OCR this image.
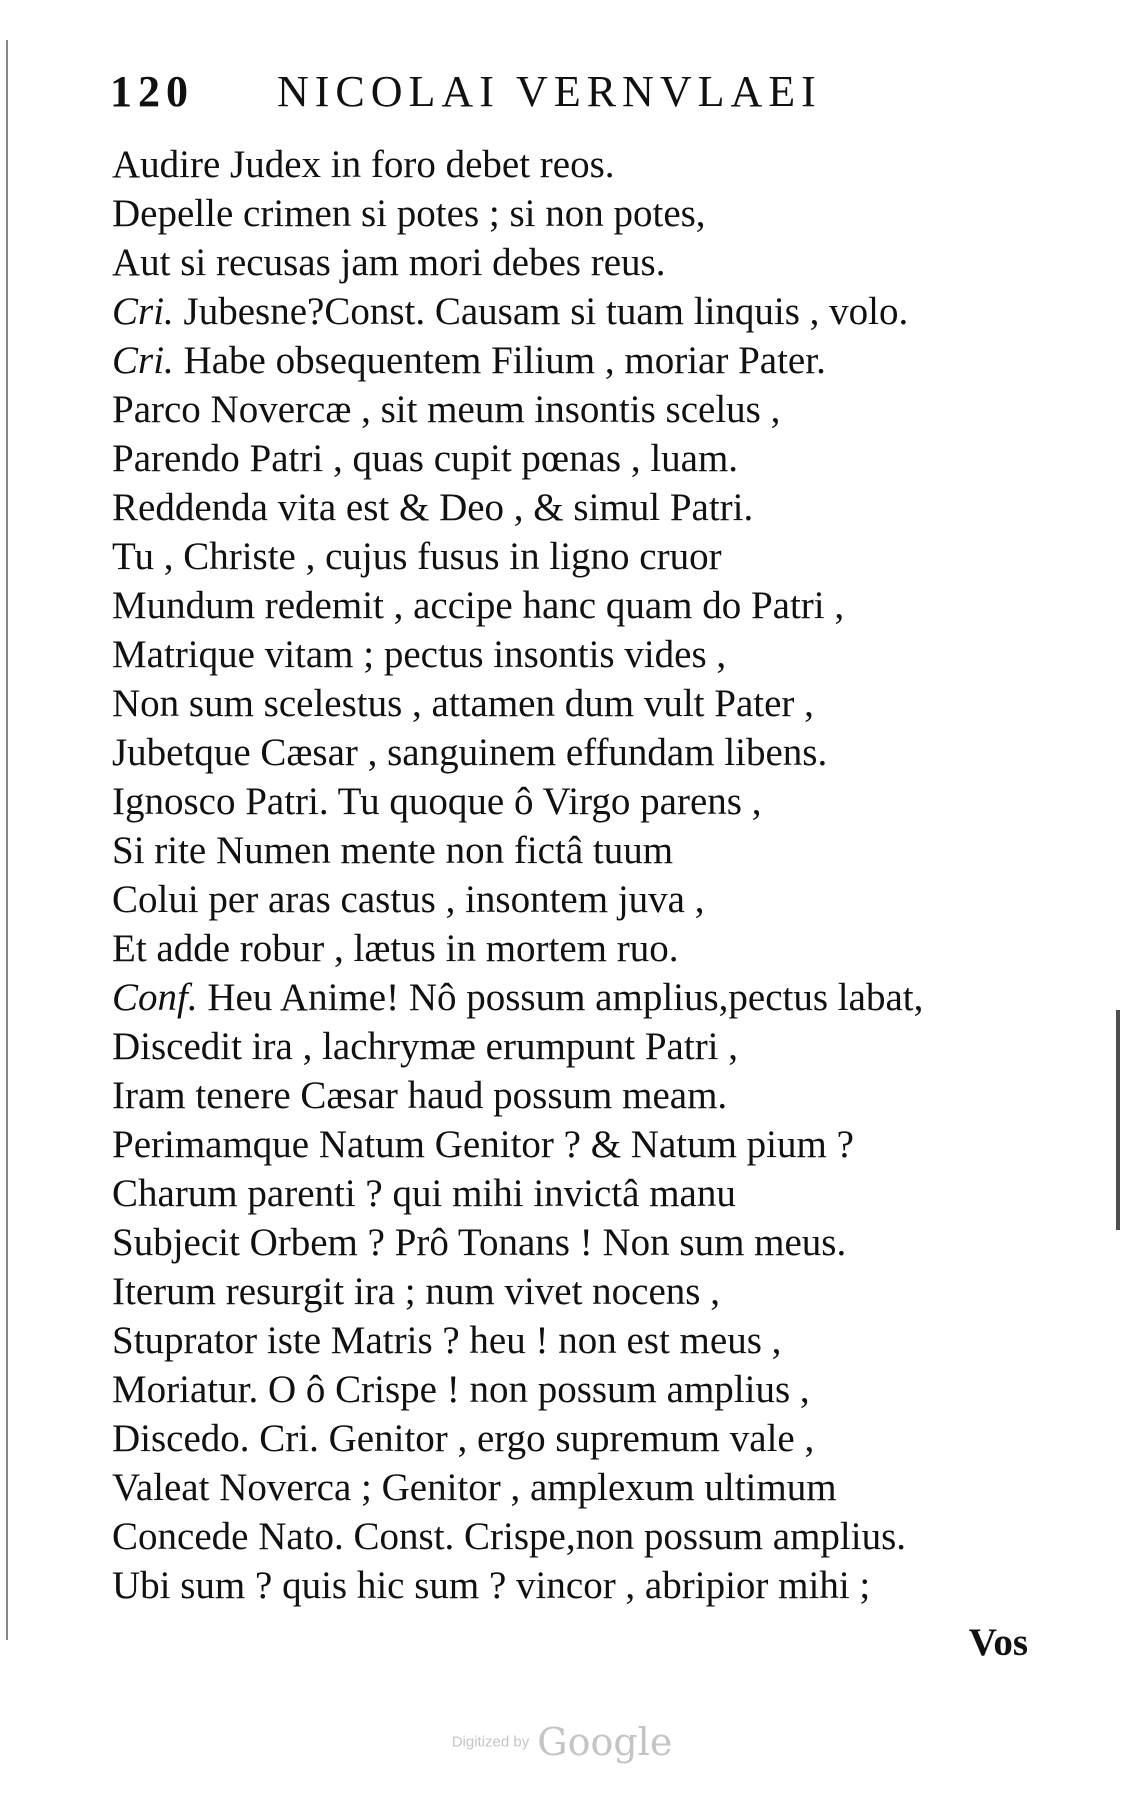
120 NICOLAI VERNVLAEI
Audire Judex in foro debet reos.
Depelle crimen si potes ; si non potes,
Aut si recusas jam mori debes reus.
Cri. Jubesne?Const. Causam si tuam linquis , volo.
Cri. Habe obsequentem Filium , moriar Pater.
Parco Novercæ , sit meum insontis scelus ,
Parendo Patri , quas cupit pœnas , luam.
Reddenda vita est & Deo , & simul Patri.
Tu , Christe , cujus fusus in ligno cruor
Mundum redemit , accipe hanc quam do Patri ,
Matrique vitam ; pectus insontis vides ,
Non sum scelestus , attamen dum vult Pater ,
Jubetque Cæsar , sanguinem effundam libens.
Ignosco Patri. Tu quoque ô Virgo parens ,
Si rite Numen mente non fictâ tuum
Colui per aras castus , insontem juva ,
Et adde robur , lætus in mortem ruo.
Conf. Heu Anime! Nô possum amplius,pectus labat,
Discedit ira , lachrymæ erumpunt Patri ,
Iram tenere Cæsar haud possum meam.
Perimamque Natum Genitor ? & Natum pium ?
Charum parenti ? qui mihi invictâ manu
Subjecit Orbem ? Prô Tonans ! Non sum meus.
Iterum resurgit ira ; num vivet nocens ,
Stuprator iste Matris ? heu ! non est meus ,
Moriatur. O ô Crispe ! non possum amplius ,
Discedo. Cri. Genitor , ergo supremum vale ,
Valeat Noverca ; Genitor , amplexum ultimum
Concede Nato. Const. Crispe,non possum amplius.
Ubi sum ? quis hic sum ? vincor , abripior mihi ;
Vos
Digitized by Google
